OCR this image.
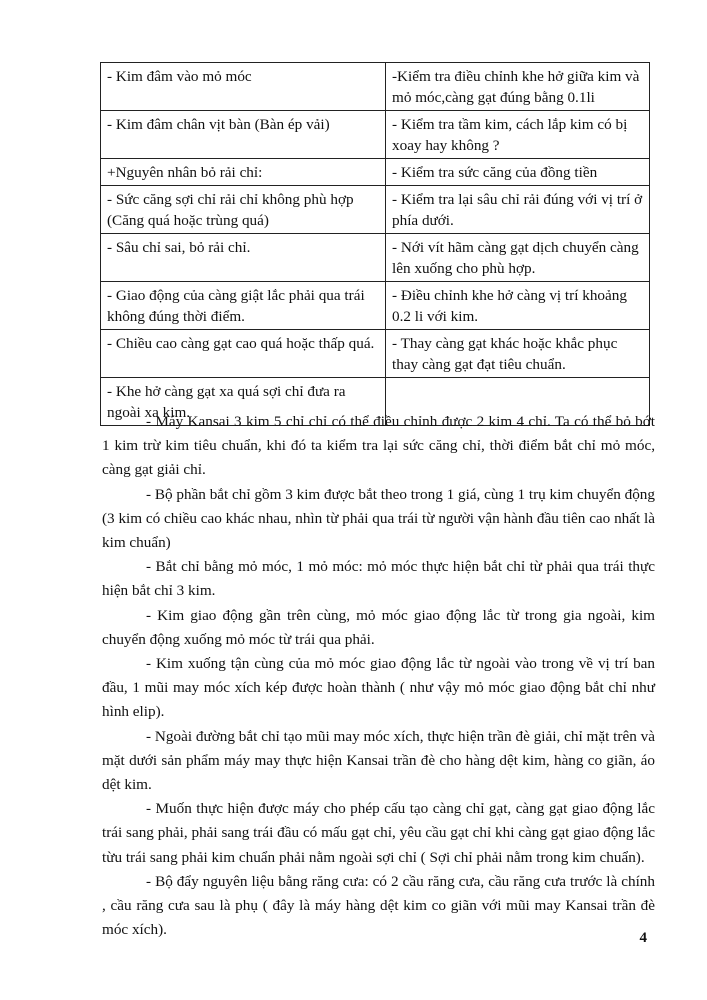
- Kim đâm vào mỏ móc	-Kiểm tra điều chỉnh khe hở giữa kim và mỏ móc,càng gạt đúng bằng 0.1li
- Kim đâm chân vịt bàn (Bàn ép vải)	- Kiểm tra tầm kim, cách lắp kim có bị xoay hay không ?
+Nguyên nhân bỏ rải chỉ:	- Kiểm tra sức căng của đồng tiền
- Sức căng sợi chỉ rải chỉ không phù hợp (Căng quá hoặc trùng quá)	- Kiểm tra lại sâu chỉ rải đúng với vị trí ở phía dưới.
- Sâu chỉ sai, bỏ rải chỉ.	- Nới vít hãm càng gạt dịch chuyển càng lên xuống cho phù hợp.
- Giao động của càng giật lắc phải qua trái không đúng thời điểm.	- Điều chỉnh khe hở càng vị trí khoảng 0.2 li với kim.
- Chiều cao càng gạt cao quá hoặc thấp quá.	- Thay càng gạt khác hoặc khắc phục thay càng gạt đạt tiêu chuẩn.
- Khe hở càng gạt xa quá sợi chỉ đưa ra ngoài xa kim.	

- Máy Kansai 3 kim 5 chỉ chỉ có thể điều chỉnh được 2 kim 4 chỉ. Ta có thể bỏ bớt 1 kim trừ kim tiêu chuẩn, khi đó ta kiểm tra lại sức căng chỉ, thời điểm bắt chỉ mỏ móc, càng gạt giải chỉ.

- Bộ phần bắt chỉ gồm 3 kim được bắt theo trong 1 giá, cùng 1 trụ kim chuyển động (3 kim có chiều cao khác nhau, nhìn từ phải qua trái từ người vận hành đầu tiên cao nhất là kim chuẩn)

- Bắt chỉ bằng mỏ móc, 1 mỏ móc: mỏ móc thực hiện bắt chỉ từ phải qua trái thực hiện bắt chỉ 3 kim.

- Kim giao động gần trên cùng, mỏ móc giao động lắc từ trong gia ngoài, kim chuyển động xuống mỏ móc từ trái qua phải.

- Kim xuống tận cùng của mỏ móc giao động lắc từ ngoài vào trong về vị trí ban đầu, 1 mũi may móc xích kép được hoàn thành ( như vậy mỏ móc giao động bắt chỉ như hình elip).

- Ngoài đường bắt chỉ tạo mũi may móc xích, thực hiện trần đè giải, chỉ mặt trên và mặt dưới sản phẩm máy may thực hiện Kansai trần đè cho hàng dệt kim, hàng co giãn, áo dệt kim.

- Muốn thực hiện được máy cho phép cấu tạo càng chỉ gạt, càng gạt giao động lắc trái sang phải, phải sang trái đầu có mấu gạt chỉ, yêu cầu gạt chỉ khi càng gạt giao động lắc từu trái sang phải kim chuẩn phải nằm ngoài sợi chỉ ( Sợi chỉ phải nằm trong kim chuẩn).

- Bộ đẩy nguyên liệu bằng răng cưa: có 2 cầu răng cưa, cầu răng cưa trước là chính , cầu răng cưa sau là phụ ( đây là máy hàng dệt kim co giãn với mũi may Kansai trần đè móc xích).	4
